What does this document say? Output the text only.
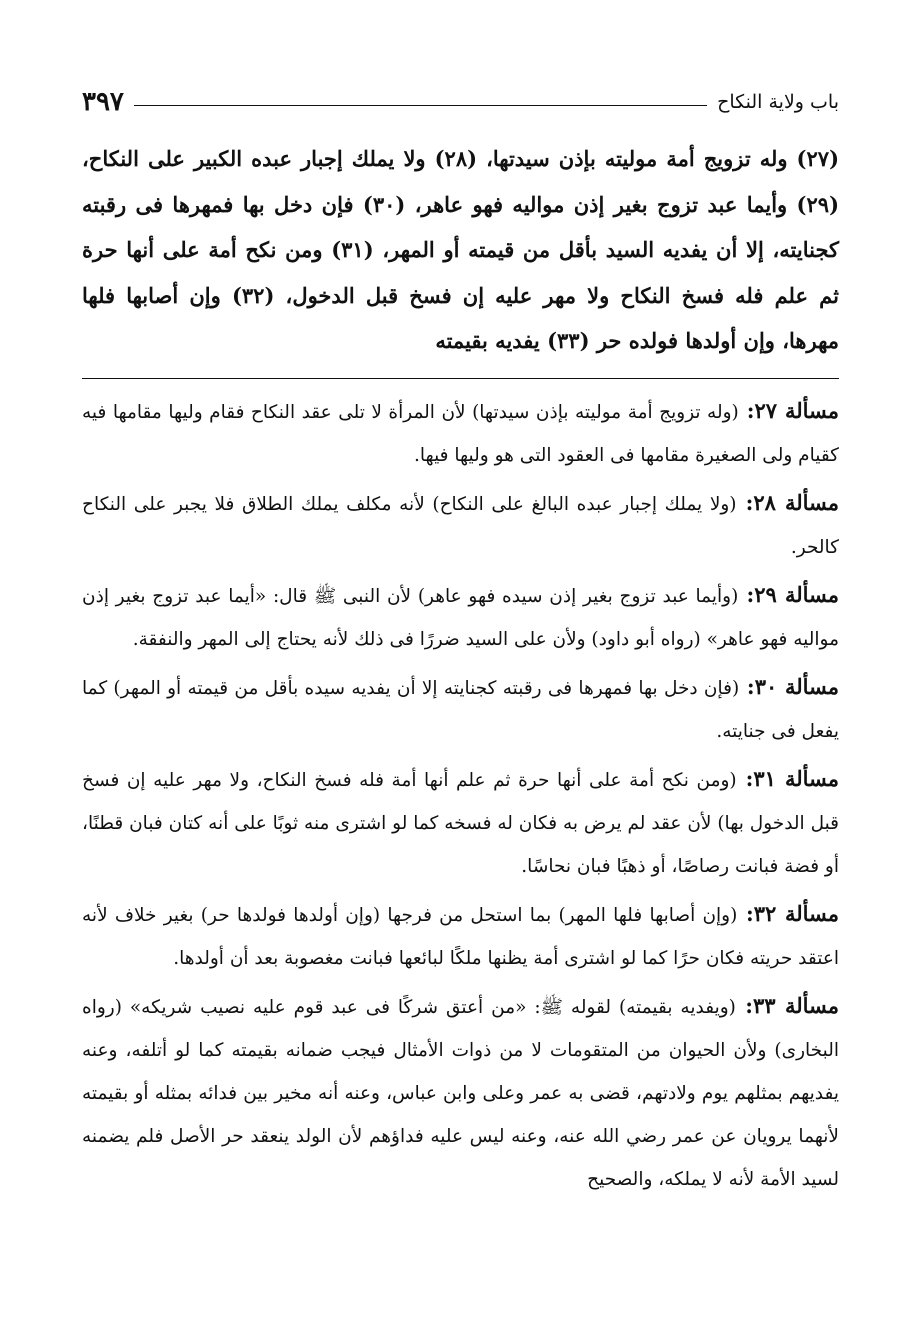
باب ولاية النكاح
٣٩٧
(٢٧) وله تزويج أمة موليته بإذن سيدتها، (٢٨) ولا يملك إجبار عبده الكبير على النكاح، (٢٩) وأيما عبد تزوج بغير إذن مواليه فهو عاهر، (٣٠) فإن دخل بها فمهرها فى رقبته كجنايته، إلا أن يفديه السيد بأقل من قيمته أو المهر، (٣١) ومن نكح أمة على أنها حرة ثم علم فله فسخ النكاح ولا مهر عليه إن فسخ قبل الدخول، (٣٢) وإن أصابها فلها مهرها، وإن أولدها فولده حر (٣٣) يفديه بقيمته

مسألة ٢٧:(وله تزويج أمة موليته بإذن سيدتها) لأن المرأة لا تلى عقد النكاح فقام وليها مقامها فيه كقيام ولى الصغيرة مقامها فى العقود التى هو وليها فيها.

مسألة ٢٨:(ولا يملك إجبار عبده البالغ على النكاح) لأنه مكلف يملك الطلاق فلا يجبر على النكاح كالحر.

مسألة ٢٩:(وأيما عبد تزوج بغير إذن سيده فهو عاهر) لأن النبى ﷺ قال: «أيما عبد تزوج بغير إذن مواليه فهو عاهر» (رواه أبو داود) ولأن على السيد ضررًا فى ذلك لأنه يحتاج إلى المهر والنفقة.

مسألة ٣٠:(فإن دخل بها فمهرها فى رقبته كجنايته إلا أن يفديه سيده بأقل من قيمته أو المهر) كما يفعل فى جنايته.

مسألة ٣١:(ومن نكح أمة على أنها حرة ثم علم أنها أمة فله فسخ النكاح، ولا مهر عليه إن فسخ قبل الدخول بها) لأن عقد لم يرض به فكان له فسخه كما لو اشترى منه ثوبًا على أنه كتان فبان قطنًا، أو فضة فبانت رصاصًا، أو ذهبًا فبان نحاسًا.

مسألة ٣٢:(وإن أصابها فلها المهر) بما استحل من فرجها (وإن أولدها فولدها حر) بغير خلاف لأنه اعتقد حريته فكان حرًا كما لو اشترى أمة يظنها ملكًا لبائعها فبانت مغصوبة بعد أن أولدها.

مسألة ٣٣:(ويفديه بقيمته) لقوله ﷺ: «من أعتق شركًا فى عبد قوم عليه نصيب شريكه» (رواه البخارى) ولأن الحيوان من المتقومات لا من ذوات الأمثال فيجب ضمانه بقيمته كما لو أتلفه، وعنه يفديهم بمثلهم يوم ولادتهم، قضى به عمر وعلى وابن عباس، وعنه أنه مخير بين فدائه بمثله أو بقيمته لأنهما يرويان عن عمر رضي الله عنه، وعنه ليس عليه فداؤهم لأن الولد ينعقد حر الأصل فلم يضمنه لسيد الأمة لأنه لا يملكه، والصحيح
